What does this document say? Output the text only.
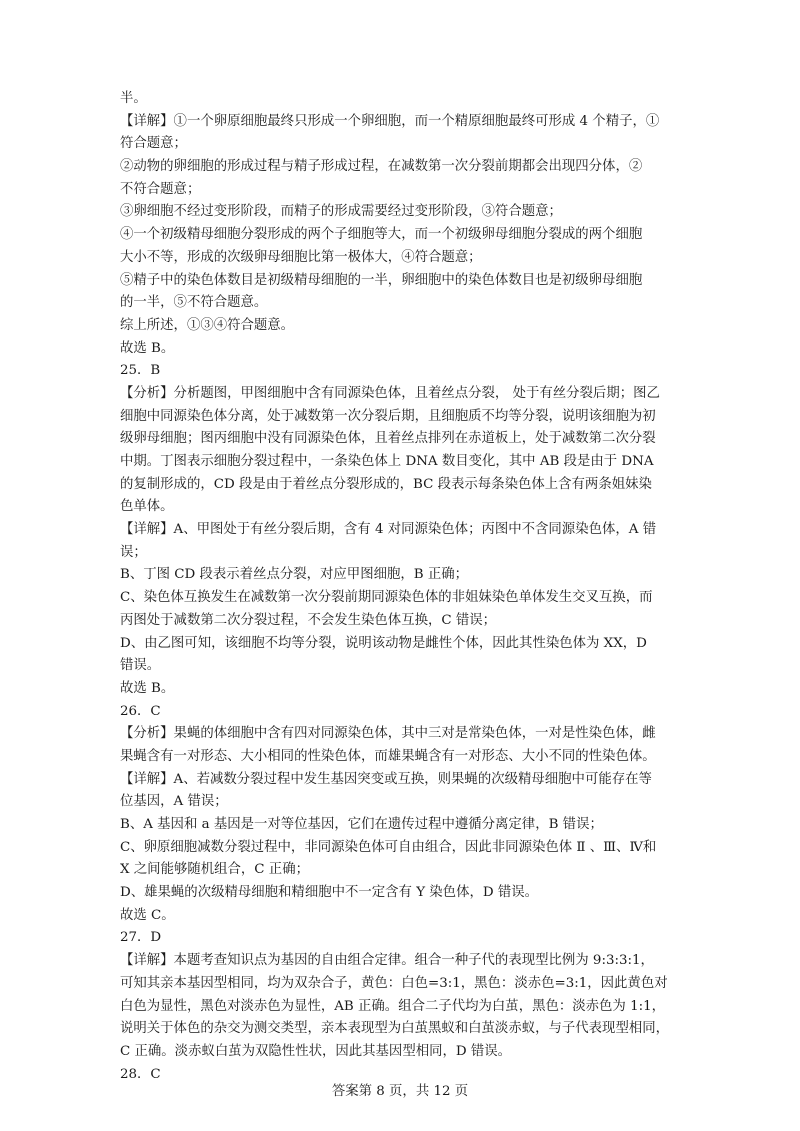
半。
【详解】①一个卵原细胞最终只形成一个卵细胞，而一个精原细胞最终可形成 4 个精子，①
符合题意；
②动物的卵细胞的形成过程与精子形成过程，在减数第一次分裂前期都会出现四分体，②
不符合题意；
③卵细胞不经过变形阶段，而精子的形成需要经过变形阶段，③符合题意；
④一个初级精母细胞分裂形成的两个子细胞等大，而一个初级卵母细胞分裂成的两个细胞
大小不等，形成的次级卵母细胞比第一极体大，④符合题意；
⑤精子中的染色体数目是初级精母细胞的一半，卵细胞中的染色体数目也是初级卵母细胞
的一半，⑤不符合题意。
综上所述，①③④符合题意。
故选 B。
25．B
【分析】分析题图，甲图细胞中含有同源染色体，且着丝点分裂， 处于有丝分裂后期；图乙
细胞中同源染色体分离，处于减数第一次分裂后期，且细胞质不均等分裂，说明该细胞为初
级卵母细胞；图丙细胞中没有同源染色体，且着丝点排列在赤道板上，处于减数第二次分裂
中期。丁图表示细胞分裂过程中，一条染色体上 DNA 数目变化，其中 AB 段是由于 DNA
的复制形成的，CD 段是由于着丝点分裂形成的，BC 段表示每条染色体上含有两条姐妹染
色单体。
【详解】A、甲图处于有丝分裂后期，含有 4 对同源染色体；丙图中不含同源染色体，A 错
误；
B、丁图 CD 段表示着丝点分裂，对应甲图细胞，B 正确；
C、染色体互换发生在减数第一次分裂前期同源染色体的非姐妹染色单体发生交叉互换，而
丙图处于减数第二次分裂过程，不会发生染色体互换，C 错误；
D、由乙图可知，该细胞不均等分裂，说明该动物是雌性个体，因此其性染色体为 XX，D
错误。
故选 B。
26．C
【分析】果蝇的体细胞中含有四对同源染色体，其中三对是常染色体，一对是性染色体，雌
果蝇含有一对形态、大小相同的性染色体，而雄果蝇含有一对形态、大小不同的性染色体。
【详解】A、若减数分裂过程中发生基因突变或互换，则果蝇的次级精母细胞中可能存在等
位基因，A 错误；
B、A 基因和 a 基因是一对等位基因，它们在遗传过程中遵循分离定律，B 错误；
C、卵原细胞减数分裂过程中，非同源染色体可自由组合，因此非同源染色体 Ⅱ 、Ⅲ、Ⅳ和
X 之间能够随机组合，C 正确；
D、雄果蝇的次级精母细胞和精细胞中不一定含有 Y 染色体，D 错误。
故选 C。
27．D
【详解】本题考查知识点为基因的自由组合定律。组合一种子代的表现型比例为 9:3:3:1，
可知其亲本基因型相同，均为双杂合子，黄色：白色=3:1，黑色：淡赤色=3:1，因此黄色对
白色为显性，黑色对淡赤色为显性，AB 正确。组合二子代均为白茧，黑色：淡赤色为 1:1，
说明关于体色的杂交为测交类型，亲本表现型为白茧黑蚁和白茧淡赤蚁，与子代表现型相同，
C 正确。淡赤蚁白茧为双隐性性状，因此其基因型相同，D 错误。
28．C
答案第 8 页，共 12 页
